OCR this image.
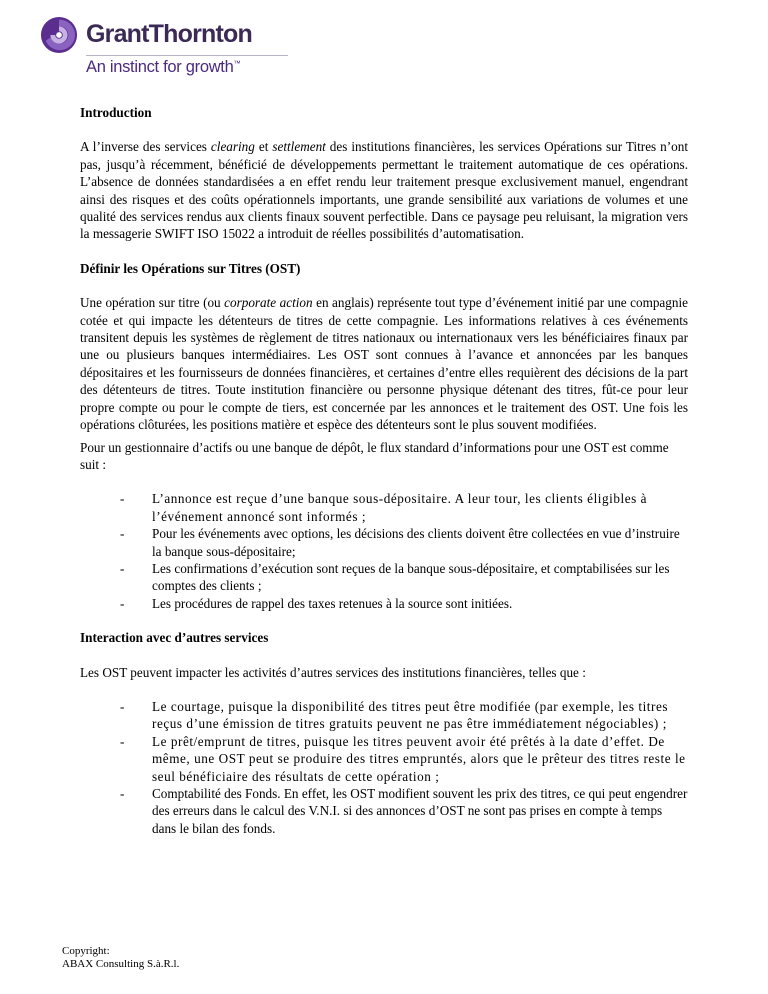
GrantThornton
An instinct for growth™
Introduction

A l’inverse des services clearing et settlement des institutions financières, les services Opérations sur Titres n’ont pas, jusqu’à récemment, bénéficié de développements permettant le traitement automatique de ces opérations. L’absence de données standardisées a en effet rendu leur traitement presque exclusivement manuel, engendrant ainsi des risques et des coûts opérationnels importants, une grande sensibilité aux variations de volumes et une qualité des services rendus aux clients finaux souvent perfectible. Dans ce paysage peu reluisant, la migration vers la messagerie SWIFT ISO 15022 a introduit de réelles possibilités d’automatisation.

Définir les Opérations sur Titres (OST)

Une opération sur titre (ou corporate action en anglais) représente tout type d’événement initié par une compagnie cotée et qui impacte les détenteurs de titres de cette compagnie. Les informations relatives à ces événements transitent depuis les systèmes de règlement de titres nationaux ou internationaux vers les bénéficiaires finaux par une ou plusieurs banques intermédiaires. Les OST sont connues à l’avance et annoncées par les banques dépositaires et les fournisseurs de données financières, et certaines d’entre elles requièrent des décisions de la part des détenteurs de titres. Toute institution financière ou personne physique détenant des titres, fût-ce pour leur propre compte ou pour le compte de tiers, est concernée par les annonces et le traitement des OST. Une fois les opérations clôturées, les positions matière et espèce des détenteurs sont le plus souvent modifiées.

Pour un gestionnaire d’actifs ou une banque de dépôt, le flux standard d’informations pour une OST est comme suit :

- L’annonce est reçue d’une banque sous-dépositaire. A leur tour, les clients éligibles à l’événement annoncé sont informés ;
- Pour les événements avec options, les décisions des clients doivent être collectées en vue d’instruire la banque sous-dépositaire;
- Les confirmations d’exécution sont reçues de la banque sous-dépositaire, et comptabilisées sur les comptes des clients ;
- Les procédures de rappel des taxes retenues à la source sont initiées.
Interaction avec d’autres services

Les OST peuvent impacter les activités d’autres services des institutions financières, telles que :

- Le courtage, puisque la disponibilité des titres peut être modifiée (par exemple, les titres reçus d’une émission de titres gratuits peuvent ne pas être immédiatement négociables) ;
- Le prêt/emprunt de titres, puisque les titres peuvent avoir été prêtés à la date d’effet. De même, une OST peut se produire des titres empruntés, alors que le prêteur des titres reste le seul bénéficiaire des résultats de cette opération ;
- Comptabilité des Fonds. En effet, les OST modifient souvent les prix des titres, ce qui peut engendrer des erreurs dans le calcul des V.N.I. si des annonces d’OST ne sont pas prises en compte à temps dans le bilan des fonds.
Copyright:
ABAX Consulting S.à.R.l.
